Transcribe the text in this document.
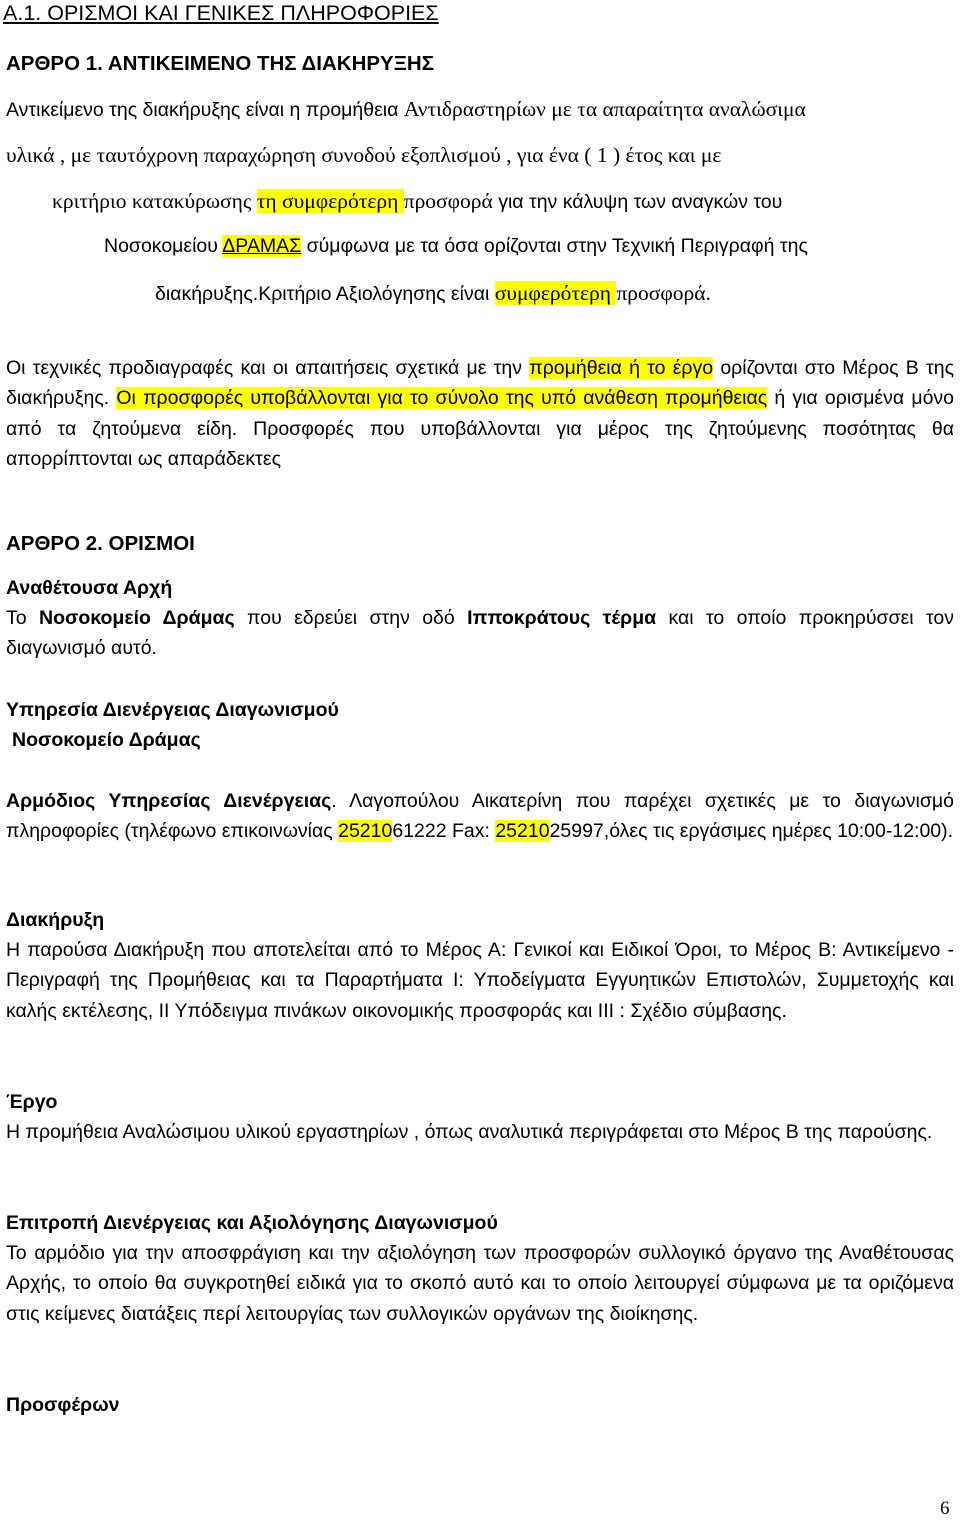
Α.1. ΟΡΙΣΜΟΙ ΚΑΙ ΓΕΝΙΚΕΣ ΠΛΗΡΟΦΟΡΙΕΣ
ΑΡΘΡΟ 1. ΑΝΤΙΚΕΙΜΕΝΟ ΤΗΣ ΔΙΑΚΗΡΥΞΗΣ
Αντικείμενο της διακήρυξης είναι η προμήθεια Αντιδραστηρίων με τα απαραίτητα αναλώσιμα
υλικά , με ταυτόχρονη παραχώρηση συνοδού εξοπλισμού , για ένα ( 1 ) έτος και με
κριτήριο κατακύρωσης τη συμφερότερη προσφορά για την κάλυψη των αναγκών του
Νοσοκομείου ΔΡΑΜΑΣ σύμφωνα με τα όσα ορίζονται στην Τεχνική Περιγραφή της
διακήρυξης.Κριτήριο Αξιολόγησης είναι συμφερότερη προσφορά.

Οι τεχνικές προδιαγραφές και οι απαιτήσεις σχετικά με την προμήθεια ή το έργο ορίζονται στο Μέρος Β της διακήρυξης. Οι προσφορές υποβάλλονται για το σύνολο της υπό ανάθεση προμήθειας ή για ορισμένα μόνο από τα ζητούμενα είδη. Προσφορές που υποβάλλονται για μέρος της ζητούμενης ποσότητας θα απορρίπτονται ως απαράδεκτες

ΑΡΘΡΟ 2. ΟΡΙΣΜΟΙ
Αναθέτουσα Αρχή

Το Νοσοκομείο Δράμας που εδρεύει στην οδό Ιπποκράτους τέρμα και το οποίο προκηρύσσει τον διαγωνισμό αυτό.

Υπηρεσία Διενέργειας Διαγωνισμού
Νοσοκομείο Δράμας

Αρμόδιος Υπηρεσίας Διενέργειας. Λαγοπούλου Αικατερίνη που παρέχει σχετικές με το διαγωνισμό πληροφορίες (τηλέφωνο επικοινωνίας 2521061222 Fax: 2521025997,όλες τις εργάσιμες ημέρες 10:00-12:00).

Διακήρυξη

Η παρούσα Διακήρυξη που αποτελείται από το Μέρος Α: Γενικοί και Ειδικοί Όροι, το Μέρος Β: Αντικείμενο - Περιγραφή της Προμήθειας και τα Παραρτήματα Ι: Υποδείγματα Εγγυητικών Επιστολών, Συμμετοχής και καλής εκτέλεσης, ΙΙ Υπόδειγμα πινάκων οικονομικής προσφοράς και ΙΙΙ : Σχέδιο σύμβασης.

Έργο

Η προμήθεια Αναλώσιμου υλικού εργαστηρίων , όπως αναλυτικά περιγράφεται στο Μέρος Β της παρούσης.

Επιτροπή Διενέργειας και Αξιολόγησης Διαγωνισμού

Το αρμόδιο για την αποσφράγιση και την αξιολόγηση των προσφορών συλλογικό όργανο της Αναθέτουσας Αρχής, το οποίο θα συγκροτηθεί ειδικά για το σκοπό αυτό και το οποίο λειτουργεί σύμφωνα με τα οριζόμενα στις κείμενες διατάξεις περί λειτουργίας των συλλογικών οργάνων της διοίκησης.

Προσφέρων
6
